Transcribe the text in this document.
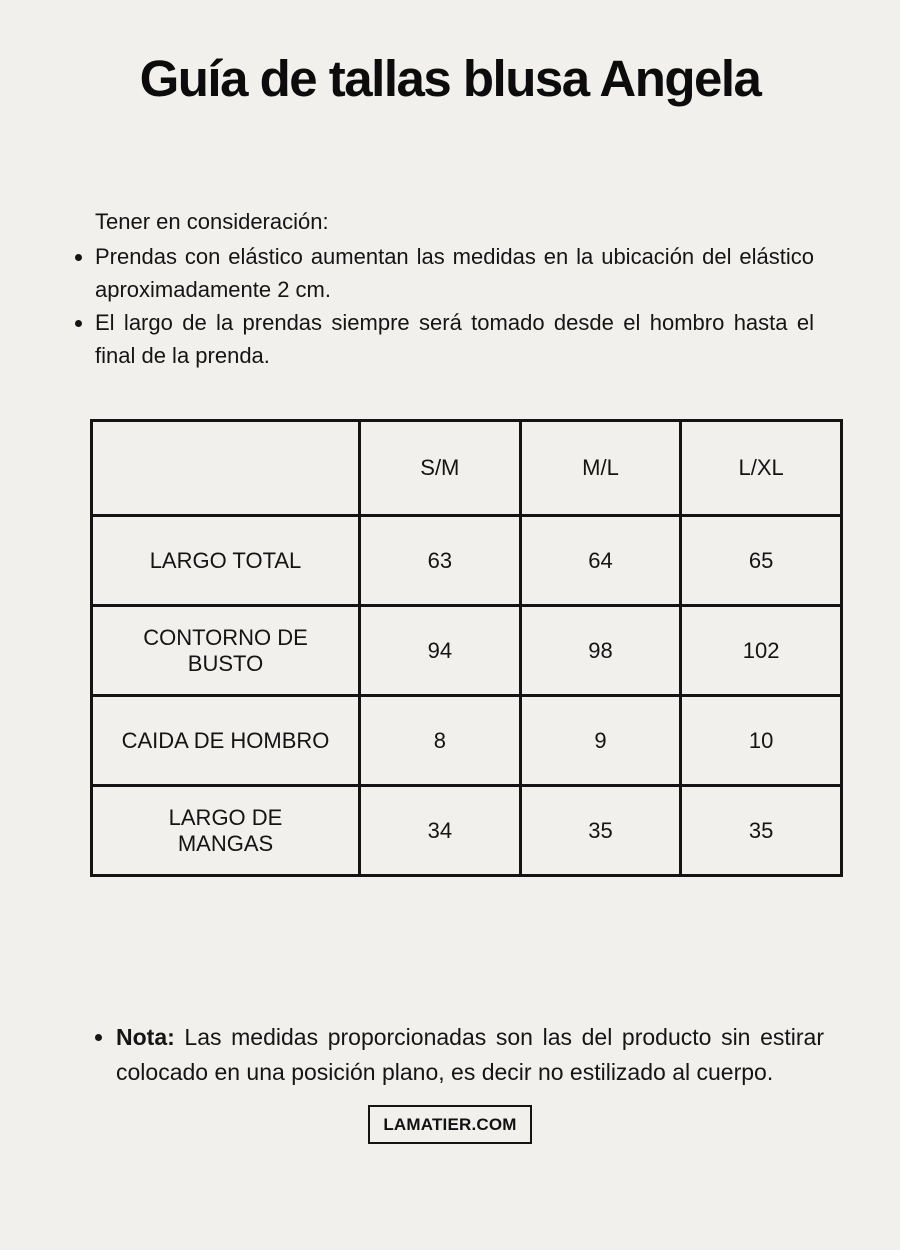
Guía de tallas blusa Angela

Tener en consideración:

• Prendas con elástico aumentan las medidas en la ubicación del elástico aproximadamente 2 cm.
• El largo de la prendas siempre será tomado desde el hombro hasta el final de la prenda.
	S/M	M/L	L/XL
LARGO TOTAL	63	64	65
CONTORNO DE BUSTO	94	98	102
CAIDA DE HOMBRO	8	9	10
LARGO DE MANGAS	34	35	35
• Nota: Las medidas proporcionadas son las del producto sin estirar colocado en una posición plano, es decir no estilizado al cuerpo.
LAMATIER.COM
